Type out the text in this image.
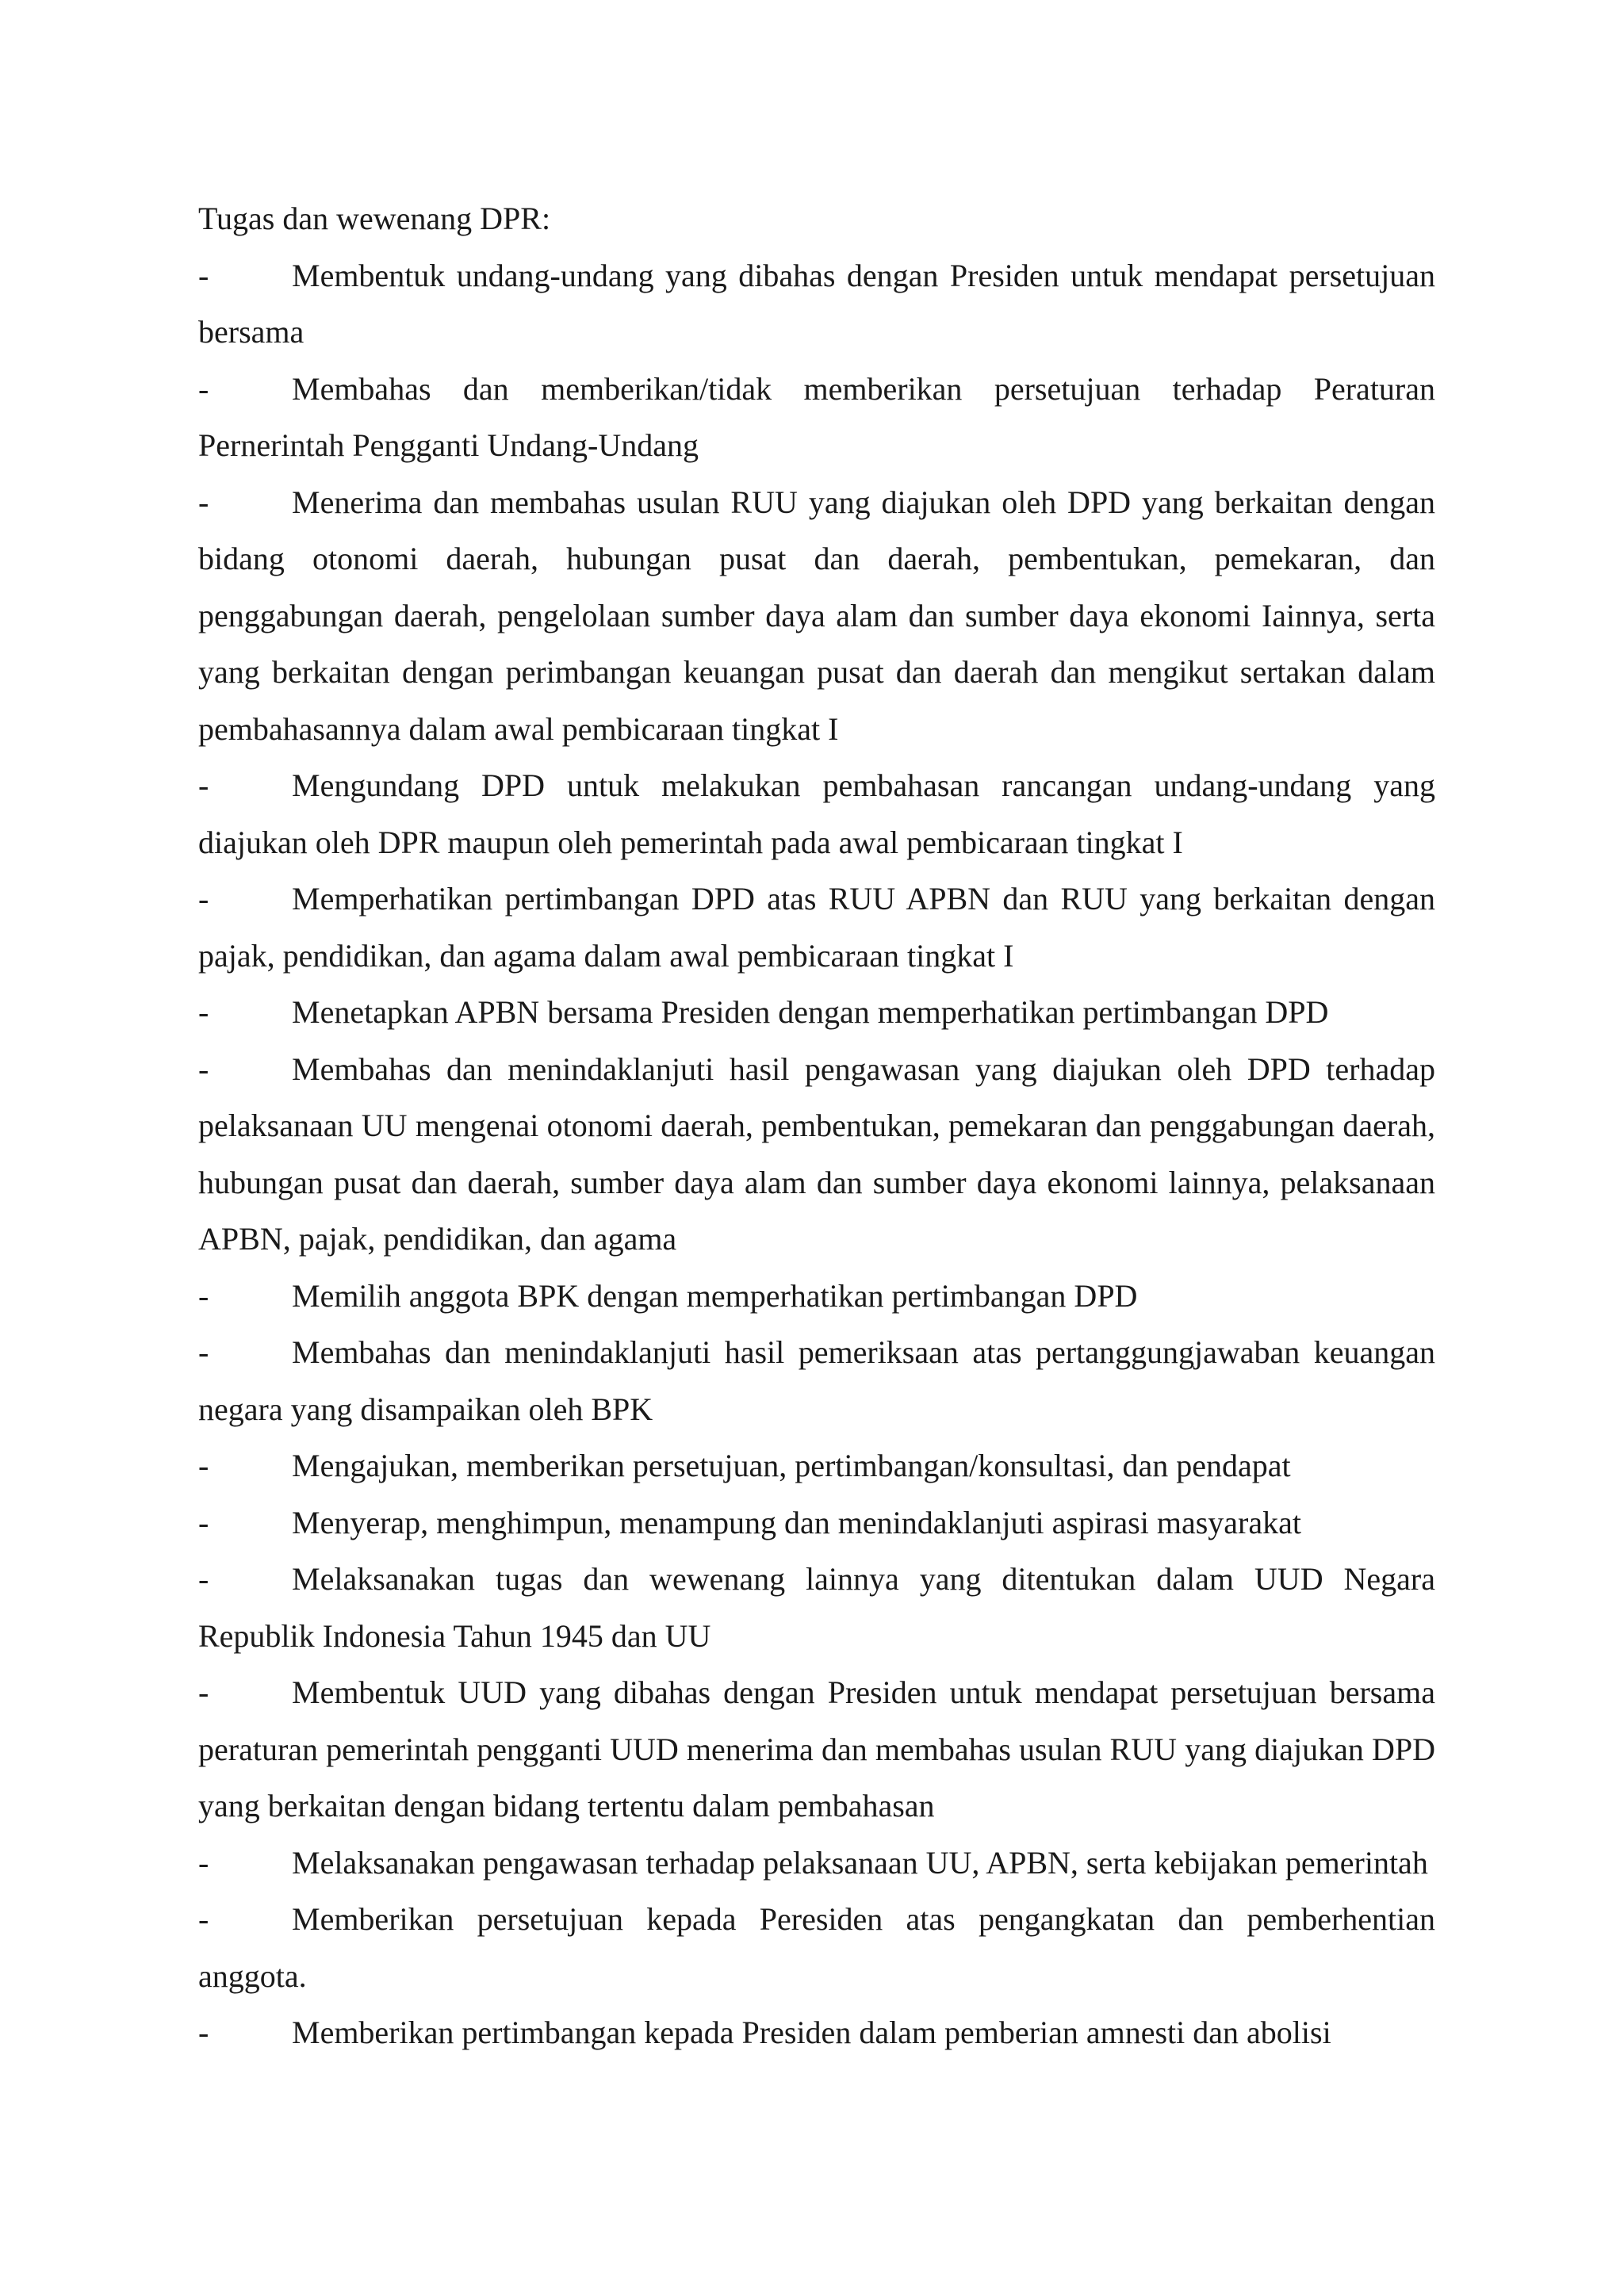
Tugas dan wewenang DPR:

-	Membentuk undang-undang yang dibahas dengan Presiden untuk mendapat persetujuan bersama

-	Membahas dan memberikan/tidak memberikan persetujuan terhadap Peraturan Pernerintah Pengganti Undang-Undang

-	Menerima dan membahas usulan RUU yang diajukan oleh DPD yang berkaitan dengan bidang otonomi daerah, hubungan pusat dan daerah, pembentukan, pemekaran, dan penggabungan daerah, pengelolaan sumber daya alam dan sumber daya ekonomi Iainnya, serta yang berkaitan dengan perimbangan keuangan pusat dan daerah dan mengikut sertakan dalam pembahasannya dalam awal pembicaraan tingkat I

-	Mengundang DPD untuk melakukan pembahasan rancangan undang-undang yang diajukan oleh DPR maupun oleh pemerintah pada awal pembicaraan tingkat I

-	Memperhatikan pertimbangan DPD atas RUU APBN dan RUU yang berkaitan dengan pajak, pendidikan, dan agama dalam awal pembicaraan tingkat I

-	Menetapkan APBN bersama Presiden dengan memperhatikan pertimbangan DPD

-	Membahas dan menindaklanjuti hasil pengawasan yang diajukan oleh DPD terhadap pelaksanaan UU mengenai otonomi daerah, pembentukan, pemekaran dan penggabungan daerah, hubungan pusat dan daerah, sumber daya alam dan sumber daya ekonomi lainnya, pelaksanaan APBN, pajak, pendidikan, dan agama

-	Memilih anggota BPK dengan memperhatikan pertimbangan DPD

-	Membahas dan menindaklanjuti hasil pemeriksaan atas pertanggungjawaban keuangan negara yang disampaikan oleh BPK

-	Mengajukan, memberikan persetujuan, pertimbangan/konsultasi, dan pendapat

-	Menyerap, menghimpun, menampung dan menindaklanjuti aspirasi masyarakat

-	Melaksanakan tugas dan wewenang lainnya yang ditentukan dalam UUD Negara Republik Indonesia Tahun 1945 dan UU

-	Membentuk UUD yang dibahas dengan Presiden untuk mendapat persetujuan bersama peraturan pemerintah pengganti UUD menerima dan membahas usulan RUU yang diajukan DPD yang berkaitan dengan bidang tertentu dalam pembahasan

-	Melaksanakan pengawasan terhadap pelaksanaan UU, APBN, serta kebijakan pemerintah

-	Memberikan persetujuan kepada Peresiden atas pengangkatan dan pemberhentian anggota.

-	Memberikan pertimbangan kepada Presiden dalam pemberian amnesti dan abolisi
